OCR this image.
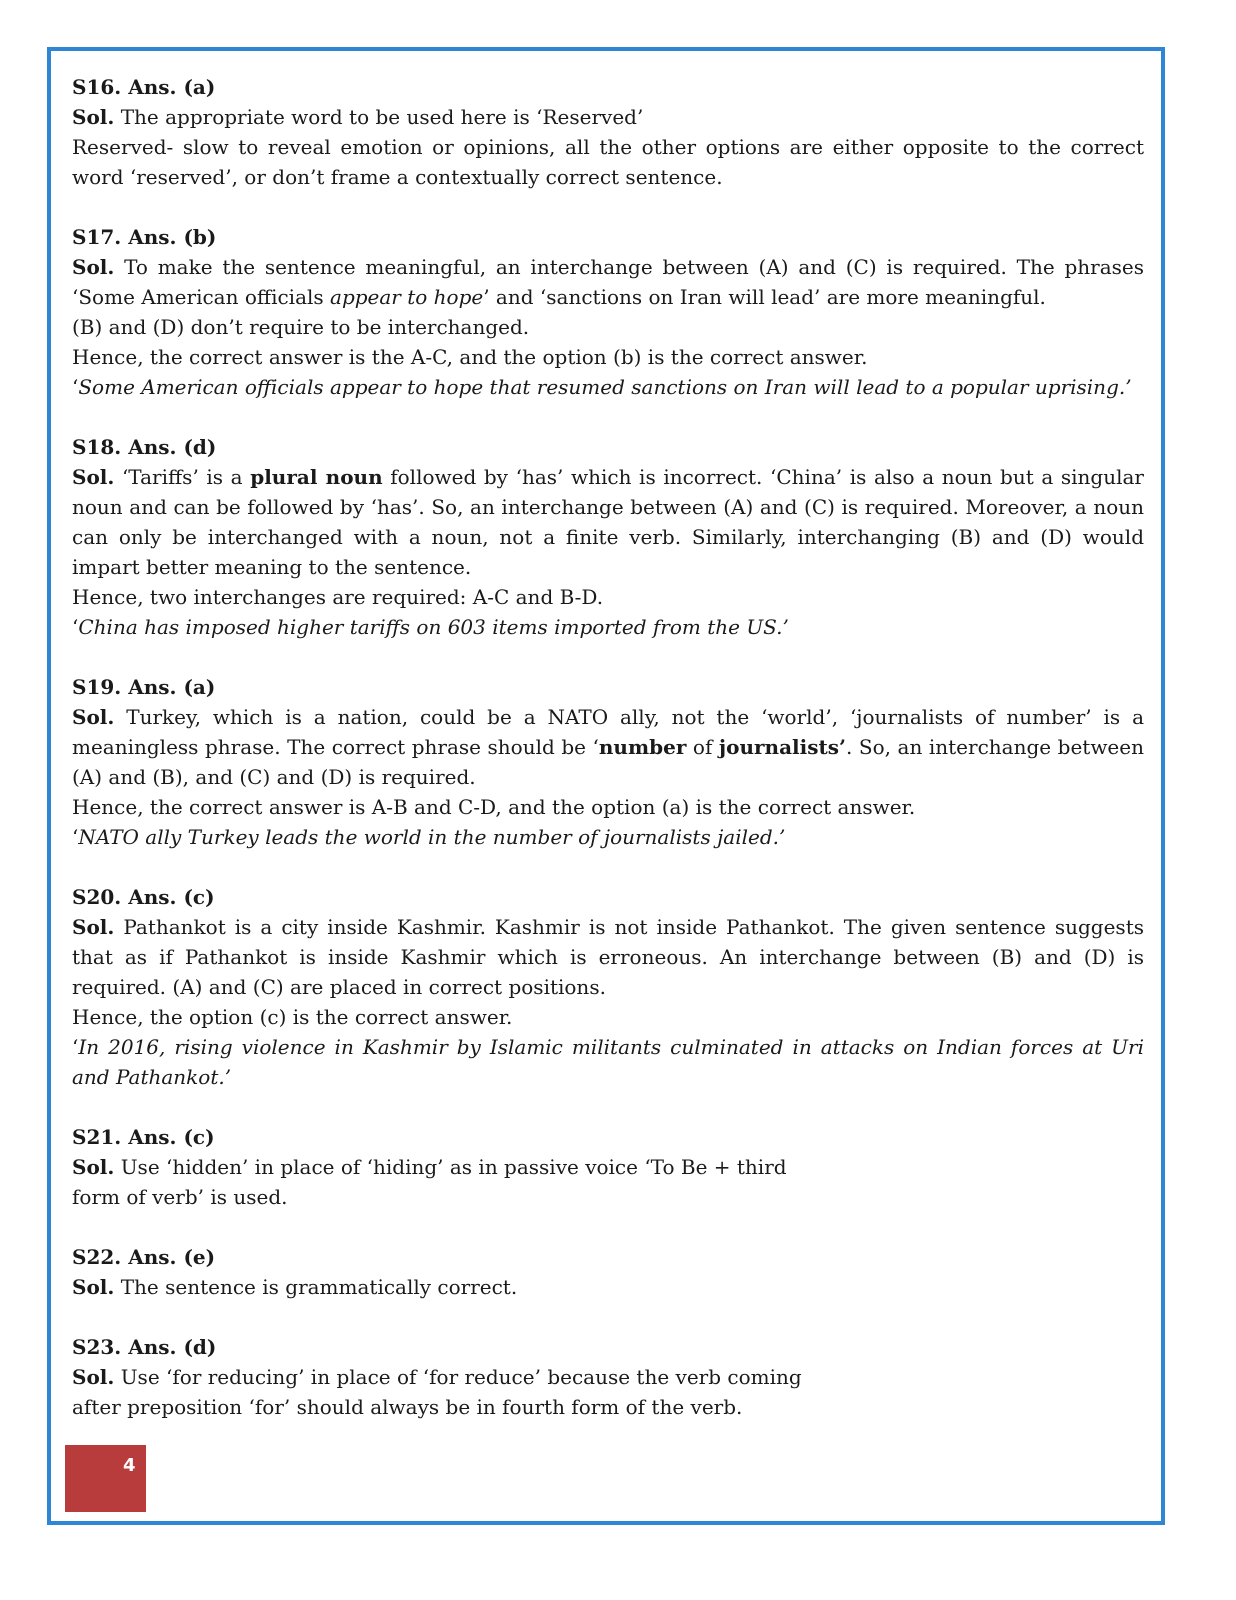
S16. Ans. (a)

Sol. The appropriate word to be used here is ‘Reserved’

Reserved- slow to reveal emotion or opinions, all the other options are either opposite to the correct word ‘reserved’, or don’t frame a contextually correct sentence.

S17. Ans. (b)

Sol. To make the sentence meaningful, an interchange between (A) and (C) is required. The phrases ‘Some American officials appear to hope’ and ‘sanctions on Iran will lead’ are more meaningful.

(B) and (D) don’t require to be interchanged.

Hence, the correct answer is the A-C, and the option (b) is the correct answer.

‘Some American officials appear to hope that resumed sanctions on Iran will lead to a popular uprising.’

S18. Ans. (d)

Sol. ‘Tariffs’ is a plural noun followed by ‘has’ which is incorrect. ‘China’ is also a noun but a singular noun and can be followed by ‘has’. So, an interchange between (A) and (C) is required. Moreover, a noun can only be interchanged with a noun, not a finite verb. Similarly, interchanging (B) and (D) would impart better meaning to the sentence.

Hence, two interchanges are required: A-C and B-D.

‘China has imposed higher tariffs on 603 items imported from the US.’

S19. Ans. (a)

Sol. Turkey, which is a nation, could be a NATO ally, not the ‘world’, ‘journalists of number’ is a meaningless phrase. The correct phrase should be ‘number of journalists’. So, an interchange between (A) and (B), and (C) and (D) is required.

Hence, the correct answer is A-B and C-D, and the option (a) is the correct answer.

‘NATO ally Turkey leads the world in the number of journalists jailed.’

S20. Ans. (c)

Sol. Pathankot is a city inside Kashmir. Kashmir is not inside Pathankot. The given sentence suggests that as if Pathankot is inside Kashmir which is erroneous. An interchange between (B) and (D) is required. (A) and (C) are placed in correct positions.

Hence, the option (c) is the correct answer.

‘In 2016, rising violence in Kashmir by Islamic militants culminated in attacks on Indian forces at Uri and Pathankot.’

S21. Ans. (c)

Sol. Use ‘hidden’ in place of ‘hiding’ as in passive voice ‘To Be + third

form of verb’ is used.

S22. Ans. (e)

Sol. The sentence is grammatically correct.

S23. Ans. (d)

Sol. Use ‘for reducing’ in place of ‘for reduce’ because the verb coming

after preposition ‘for’ should always be in fourth form of the verb.

4
